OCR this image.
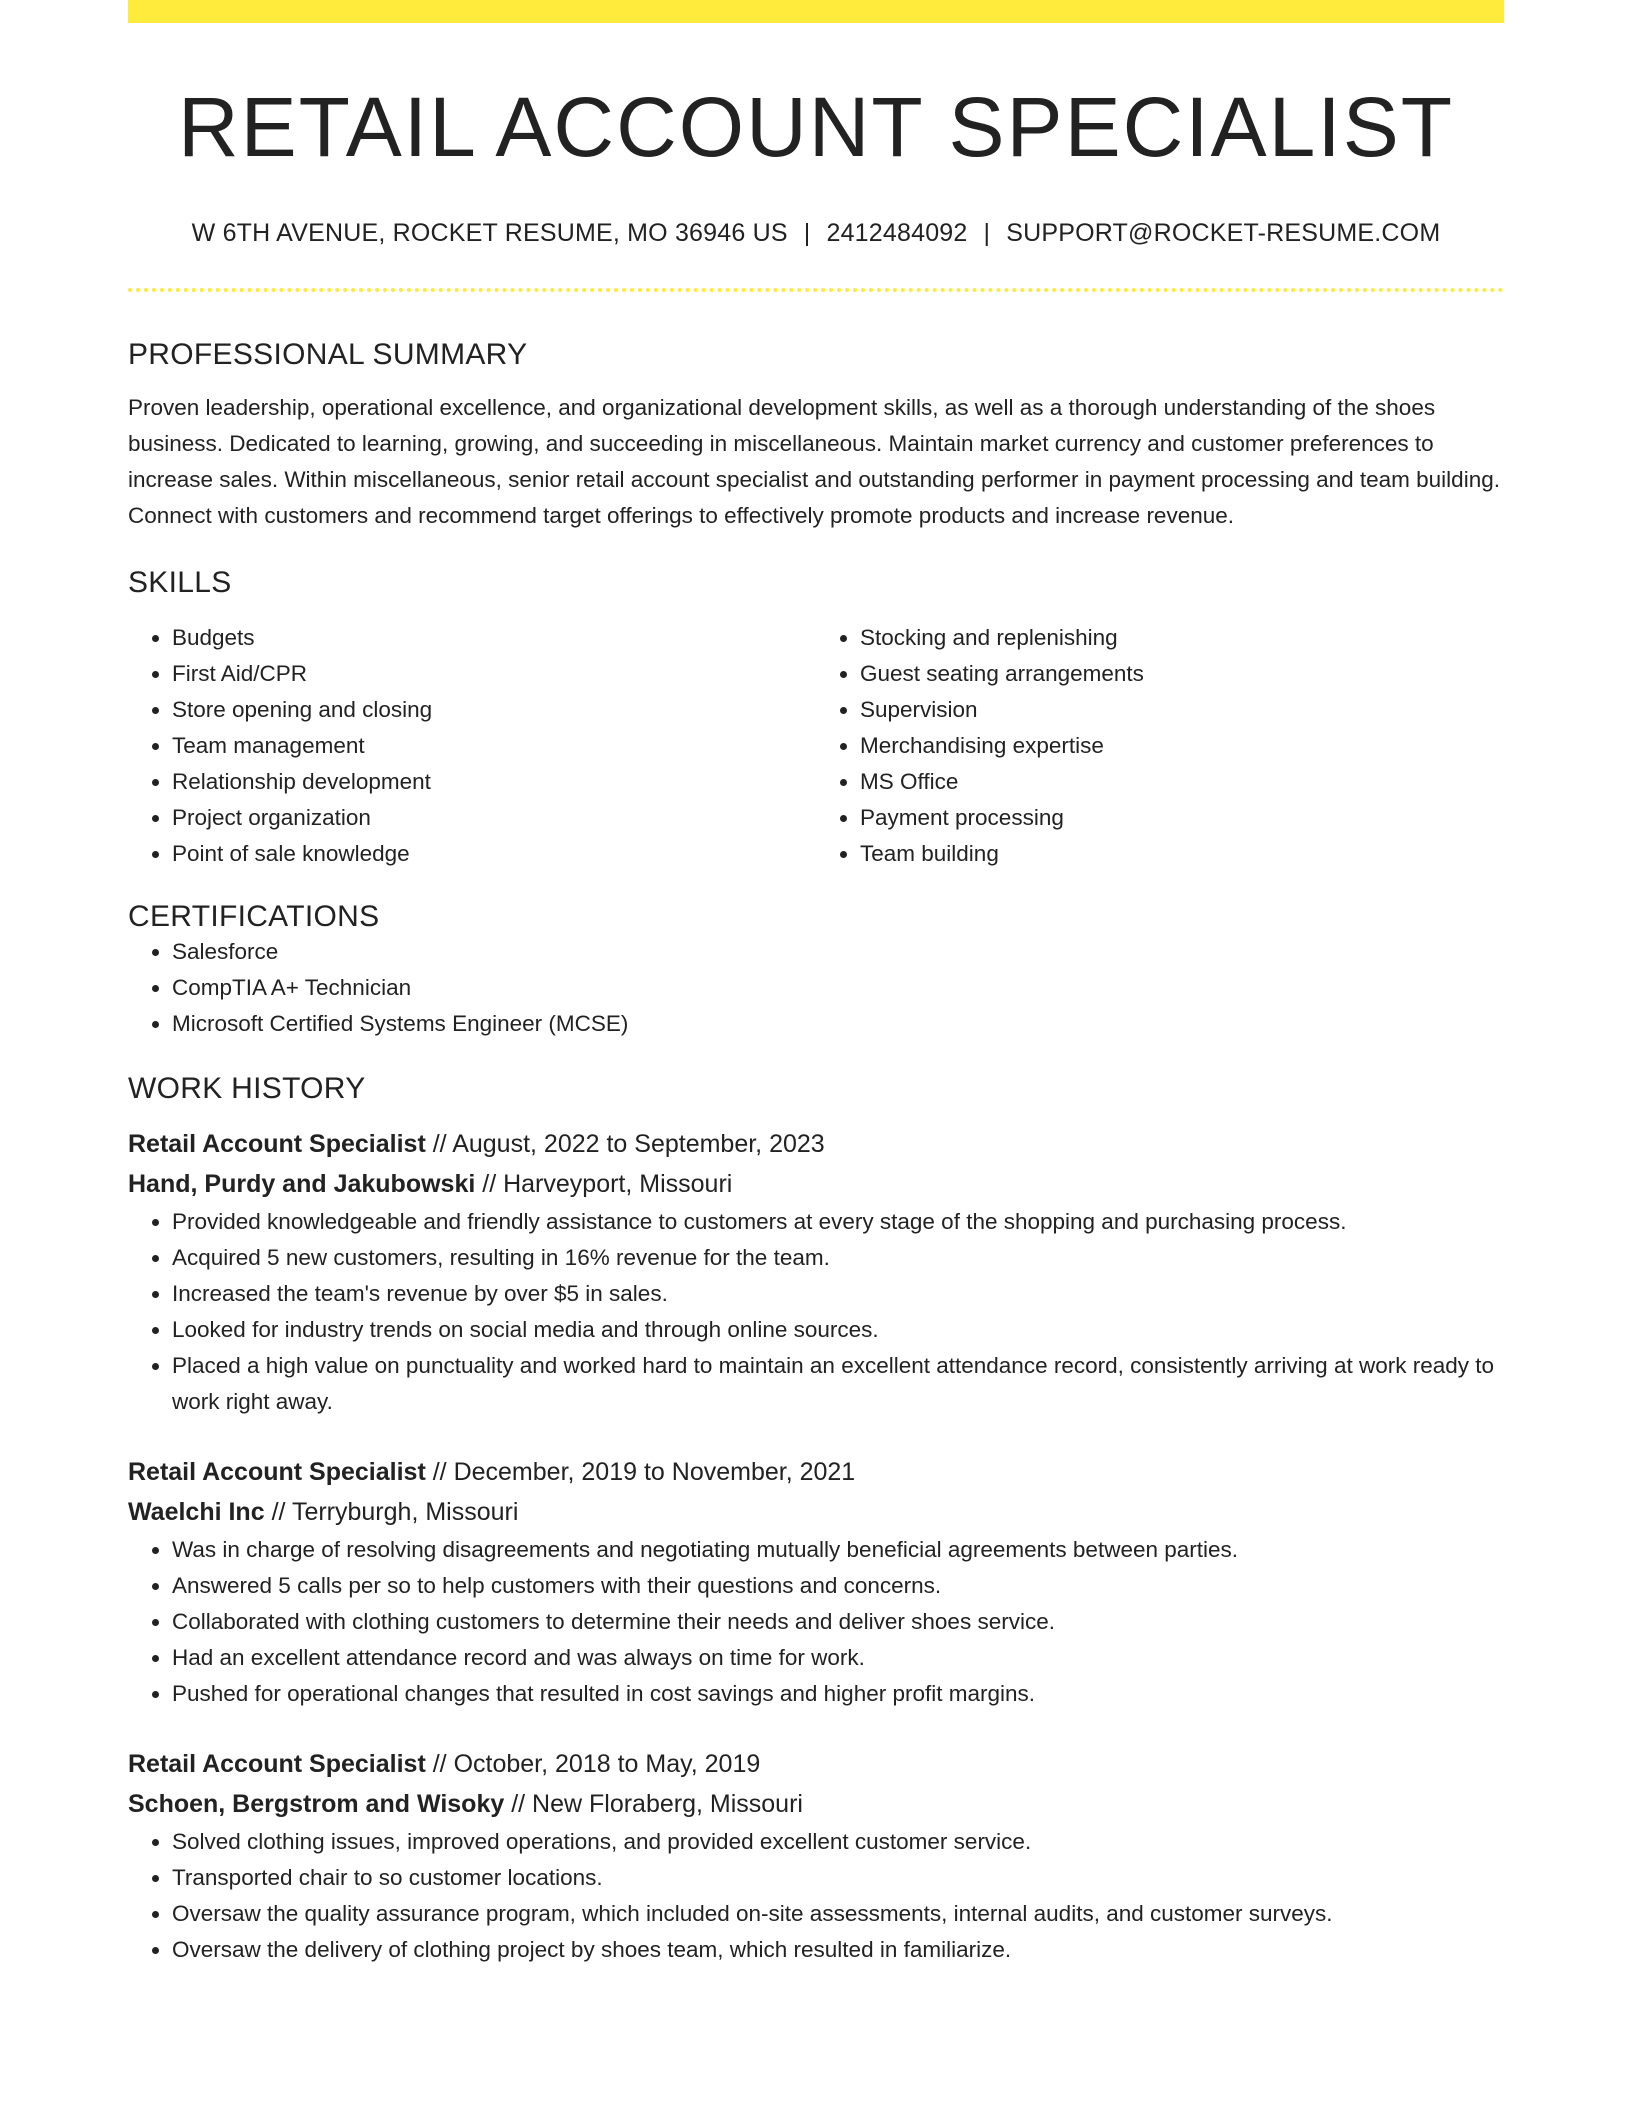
RETAIL ACCOUNT SPECIALIST
W 6TH AVENUE, ROCKET RESUME, MO 36946 US | 2412484092 | SUPPORT@ROCKET-RESUME.COM
PROFESSIONAL SUMMARY
Proven leadership, operational excellence, and organizational development skills, as well as a thorough understanding of the shoes business. Dedicated to learning, growing, and succeeding in miscellaneous. Maintain market currency and customer preferences to increase sales. Within miscellaneous, senior retail account specialist and outstanding performer in payment processing and team building. Connect with customers and recommend target offerings to effectively promote products and increase revenue.
SKILLS
• Budgets
• First Aid/CPR
• Store opening and closing
• Team management
• Relationship development
• Project organization
• Point of sale knowledge
• Stocking and replenishing
• Guest seating arrangements
• Supervision
• Merchandising expertise
• MS Office
• Payment processing
• Team building
CERTIFICATIONS
• Salesforce
• CompTIA A+ Technician
• Microsoft Certified Systems Engineer (MCSE)
WORK HISTORY
Retail Account Specialist // August, 2022 to September, 2023
Hand, Purdy and Jakubowski // Harveyport, Missouri
• Provided knowledgeable and friendly assistance to customers at every stage of the shopping and purchasing process.
• Acquired 5 new customers, resulting in 16% revenue for the team.
• Increased the team's revenue by over $5 in sales.
• Looked for industry trends on social media and through online sources.
• Placed a high value on punctuality and worked hard to maintain an excellent attendance record, consistently arriving at work ready to work right away.
Retail Account Specialist // December, 2019 to November, 2021
Waelchi Inc // Terryburgh, Missouri
• Was in charge of resolving disagreements and negotiating mutually beneficial agreements between parties.
• Answered 5 calls per so to help customers with their questions and concerns.
• Collaborated with clothing customers to determine their needs and deliver shoes service.
• Had an excellent attendance record and was always on time for work.
• Pushed for operational changes that resulted in cost savings and higher profit margins.
Retail Account Specialist // October, 2018 to May, 2019
Schoen, Bergstrom and Wisoky // New Floraberg, Missouri
• Solved clothing issues, improved operations, and provided excellent customer service.
• Transported chair to so customer locations.
• Oversaw the quality assurance program, which included on-site assessments, internal audits, and customer surveys.
• Oversaw the delivery of clothing project by shoes team, which resulted in familiarize.
